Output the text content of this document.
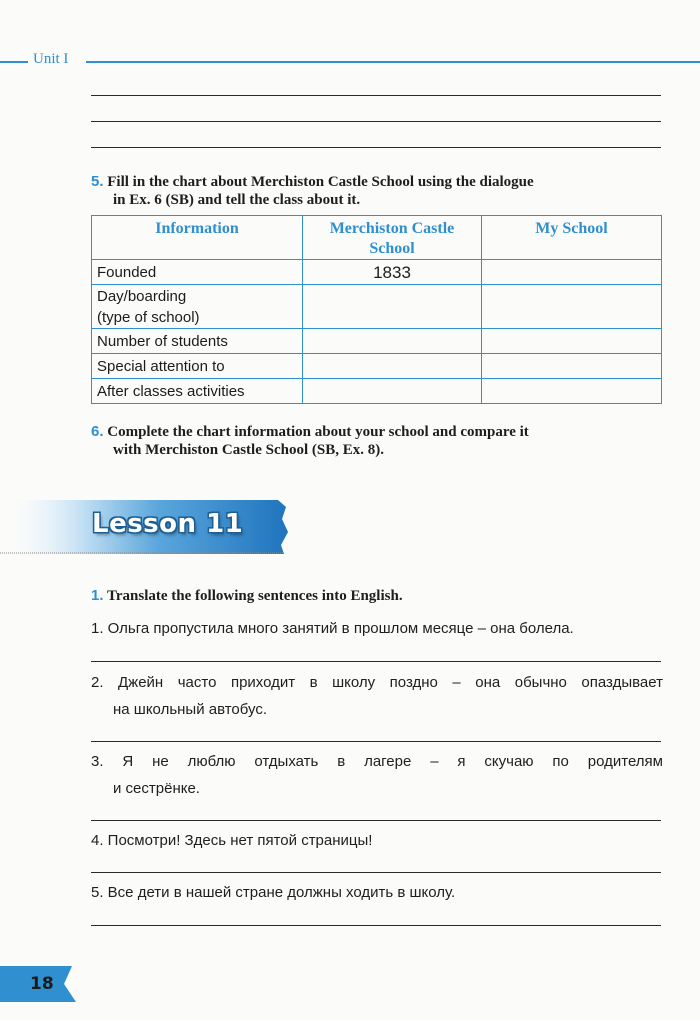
Unit I
5. Fill in the chart about Merchiston Castle School using the dialogue
in Ex. 6 (SB) and tell the class about it.
Information	Merchiston Castle School	My School
Founded	1833	

Day/boarding
(type of school)		

Number of students		
Special attention to		
After classes activities		
6. Complete the chart information about your school and compare it
with Merchiston Castle School (SB, Ex. 8).
Lesson 11
1. Translate the following sentences into English.
1. Ольга пропустила много занятий в прошлом месяце – она болела.
2. Джейн часто приходит в школу поздно – она обычно опаздывает
на школьный автобус.
3. Я не люблю отдыхать в лагере – я скучаю по родителям
и сестрёнке.
4. Посмотри! Здесь нет пятой страницы!
5. Все дети в нашей стране должны ходить в школу.
18
